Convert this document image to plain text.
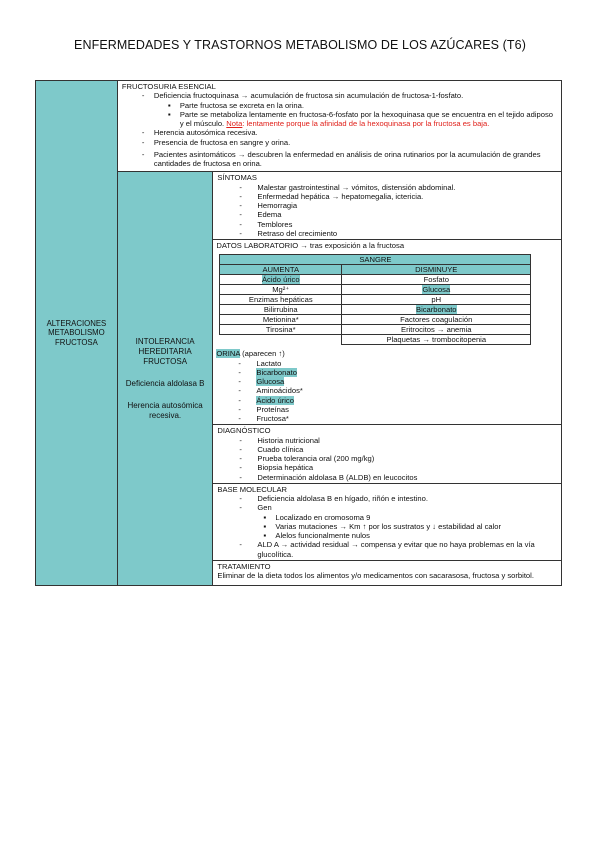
ENFERMEDADES Y TRASTORNOS METABOLISMO DE LOS AZÚCARES (T6)
ALTERACIONES METABOLISMO FRUCTOSA

FRUCTOSURIA ESENCIAL
- Deficiencia fructoquinasa → acumulación de fructosa sin acumulación de fructosa-1-fosfato.
▪ Parte fructosa se excreta en la orina.
▪ Parte se metaboliza lentamente en fructosa-6-fosfato por la hexoquinasa que se encuentra en el tejido adiposo y el músculo. Nota: lentamente porque la afinidad de la hexoquinasa por la fructosa es baja.
- Herencia autosómica recesiva.
- Presencia de fructosa en sangre y orina.
- Pacientes asintomáticos → descubren la enfermedad en análisis de orina rutinarios por la acumulación de grandes cantidades de fructosa en orina.

INTOLERANCIA HEREDITARIA FRUCTOSA
Deficiencia aldolasa B
Herencia autosómica recesiva.

SÍNTOMAS
- Malestar gastrointestinal → vómitos, distensión abdominal.
- Enfermedad hepática → hepatomegalia, ictericia.
- Hemorragia
- Edema
- Temblores
- Retraso del crecimiento

DATOS LABORATORIO → tras exposición a la fructosa
SANGRE
AUMENTA	DISMINUYE
Ácido úrico	Fosfato
Mg²⁺	Glucosa
Enzimas hepáticas	pH
Bilirrubina	Bicarbonato
Metionina*	Factores coagulación
Tirosina*	Eritrocitos → anemia
	Plaquetas → trombocitopenia
ORINA (aparecen ↑)
- Lactato
- Bicarbonato
- Glucosa
- Aminoácidos*
- Ácido úrico
- Proteínas
- Fructosa*

DIAGNÓSTICO
- Historia nutricional
- Cuado clínica
- Prueba tolerancia oral (200 mg/kg)
- Biopsia hepática
- Determinación aldolasa B (ALDB) en leucocitos

BASE MOLECULAR
- Deficiencia aldolasa B en hígado, riñón e intestino.
- Gen
▪ Localizado en cromosoma 9
▪ Varias mutaciones → Km ↑ por los sustratos y ↓ estabilidad al calor
▪ Alelos funcionalmente nulos
- ALD A → actividad residual → compensa y evitar que no haya problemas en la vía glucolítica.

TRATAMIENTO
Eliminar de la dieta todos los alimentos y/o medicamentos con sacarasosa, fructosa y sorbitol.
